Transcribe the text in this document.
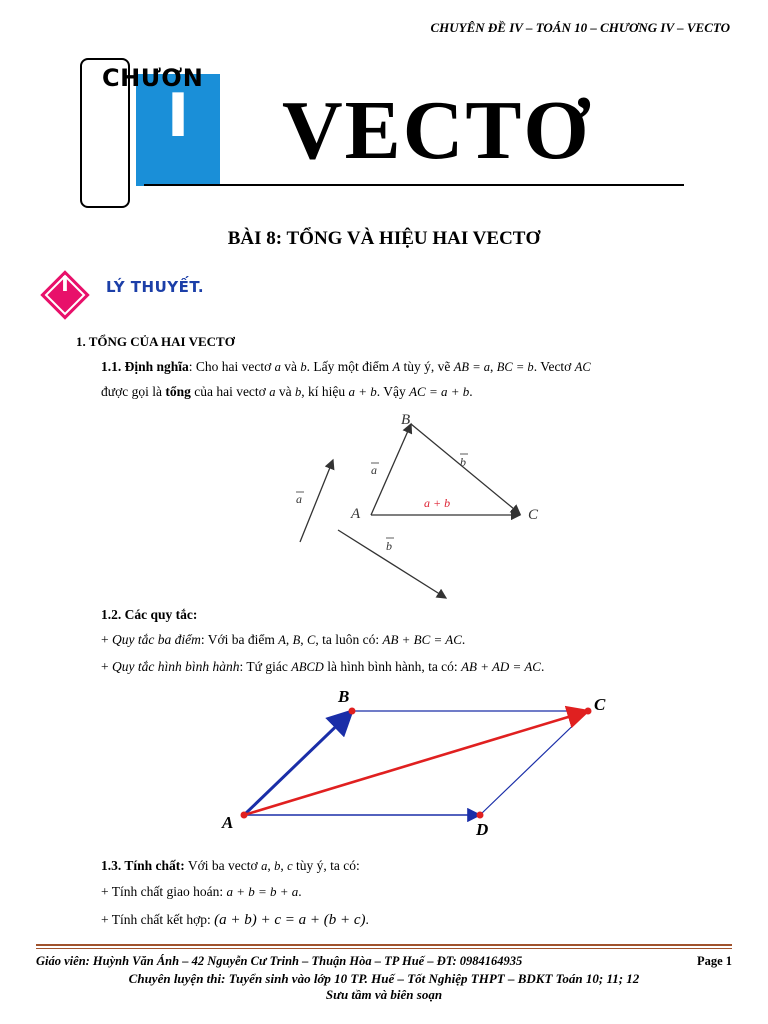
CHUYÊN ĐỀ IV – TOÁN 10 – CHƯƠNG IV – VECTO
I
CHƯƠN
VECTƠ
BÀI 8: TỔNG VÀ HIỆU HAI VECTƠ
I	LÝ THUYẾT.
1. TỔNG CỦA HAI VECTƠ
1.1. Định nghĩa: Cho hai vectơ a và b. Lấy một điểm A tùy ý, vẽ AB = a, BC = b. Vectơ AC
được gọi là tổng của hai vectơ a và b, kí hiệu a + b. Vậy AC = a + b.
B
A	C
a
b
a + b
a
b
1.2. Các quy tắc:
+ Quy tắc ba điểm: Với ba điểm A, B, C, ta luôn có: AB + BC = AC.
+ Quy tắc hình bình hành: Tứ giác ABCD là hình bình hành, ta có: AB + AD = AC.
B	C
A	D
1.3. Tính chất: Với ba vectơ a, b, c tùy ý, ta có:
+ Tính chất giao hoán: a + b = b + a.
+ Tính chất kết hợp: (a + b) + c = a + (b + c).
Giáo viên: Huỳnh Văn Ánh – 42 Nguyễn Cư Trinh – Thuận Hòa – TP Huế – ĐT: 0984164935	Page 1
Chuyên luyện thi: Tuyển sinh vào lớp 10 TP. Huế – Tốt Nghiệp THPT – BDKT Toán 10; 11; 12
Sưu tầm và biên soạn
